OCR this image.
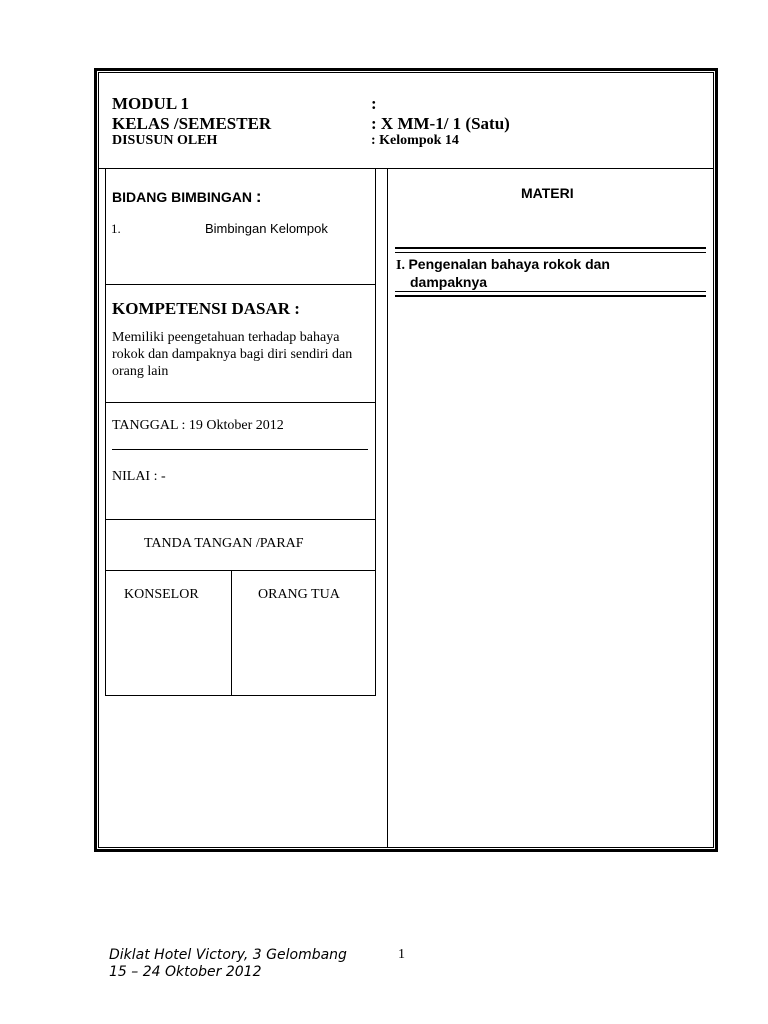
MODUL 1	:
KELAS /SEMESTER	: X MM-1/ 1 (Satu)
DISUSUN OLEH	: Kelompok 14
BIDANG BIMBINGAN :
1.	Bimbingan Kelompok
KOMPETENSI DASAR :
Memiliki peengetahuan terhadap bahaya rokok dan dampaknya bagi diri sendiri dan orang lain
TANGGAL : 19 Oktober 2012
NILAI : -
TANDA TANGAN /PARAF
KONSELOR	ORANG TUA
MATERI
I. Pengenalan bahaya rokok dan
dampaknya
Diklat Hotel Victory, 3 Gelombang
15 – 24 Oktober 2012
1
